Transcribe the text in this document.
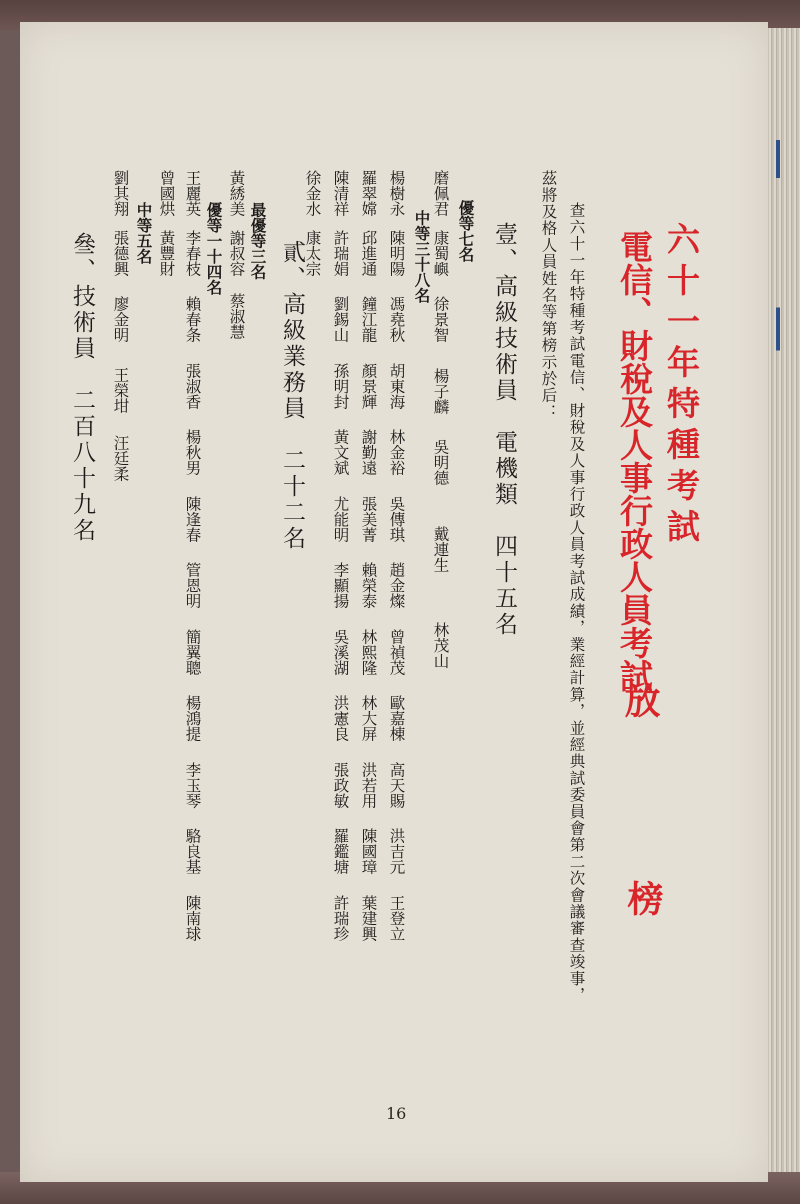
六十一年特種考試
電信、財稅及人事行政人員考試
放
榜
查六十一年特種考試電信、財稅及人事行政人員考試成績，業經計算，並經典試委員會第二次會議審查竣事，
茲將及格人員姓名等第榜示於后：
壹、高級技術員　電機類　四十五名
優等七名
磨佩君康蜀嶼徐景智楊子麟吳明德戴連生林茂山
中等三十八名
楊樹永陳明陽馮堯秋胡東海林金裕吳傳琪趙金燦曾禎茂歐嘉棟高天賜洪吉元王登立
羅翠嫦邱進通鐘江龍顏景輝謝勤遠張美菁賴榮泰林熙隆林大屏洪若用陳國璋葉建興
陳清祥許瑞娟劉錫山孫明封黃文斌尤能明李顯揚吳溪湖洪憲良張政敏羅鑑塘許瑞珍
徐金水康太宗
貳、高級業務員　二十二名
最優等三名
黃綉美謝叔容蔡淑慧
優等一十四名
王麗英李春枝賴春条張淑香楊秋男陳逢春管恩明簡翼聰楊鴻提李玉琴駱良基陳南球
曾國烘黃豐財
中等五名
劉其翔張德興廖金明王榮坩汪廷柔
叄、技術員　二百八十九名
16
